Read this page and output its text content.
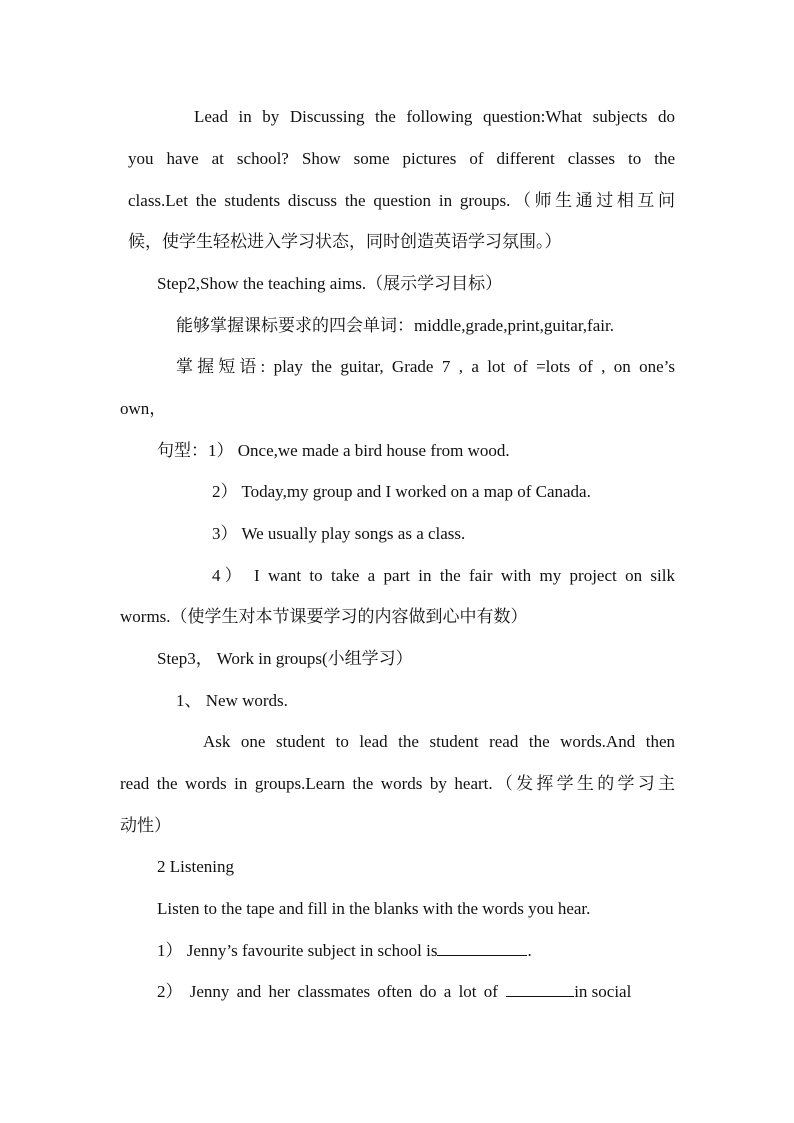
Lead in by Discussing the following question:What subjects do
you have at school? Show some pictures of different classes to the
class.Let the students discuss the question in groups.（师生通过相互问
候，使学生轻松进入学习状态，同时创造英语学习氛围。）
Step2,Show the teaching aims.（展示学习目标）
能够掌握课标要求的四会单词：middle,grade,print,guitar,fair.
掌握短语: play the guitar, Grade 7 , a lot of =lots of , on one’s
own，
句型：1） Once,we made a bird house from wood.
2） Today,my group and I worked on a map of Canada.
3） We usually play songs as a class.
4） I want to take a part in the fair with my project on silk
worms.（使学生对本节课要学习的内容做到心中有数）
Step3， Work in groups(小组学习）
1、 New words.
Ask one student to lead the student read the words.And then
read the words in groups.Learn the words by heart.（发挥学生的学习主
动性）
2 Listening
Listen to the tape and fill in the blanks with the words you hear.
1） Jenny’s favourite subject in school is	.
2） Jenny and her classmates often do a lot of	in social
